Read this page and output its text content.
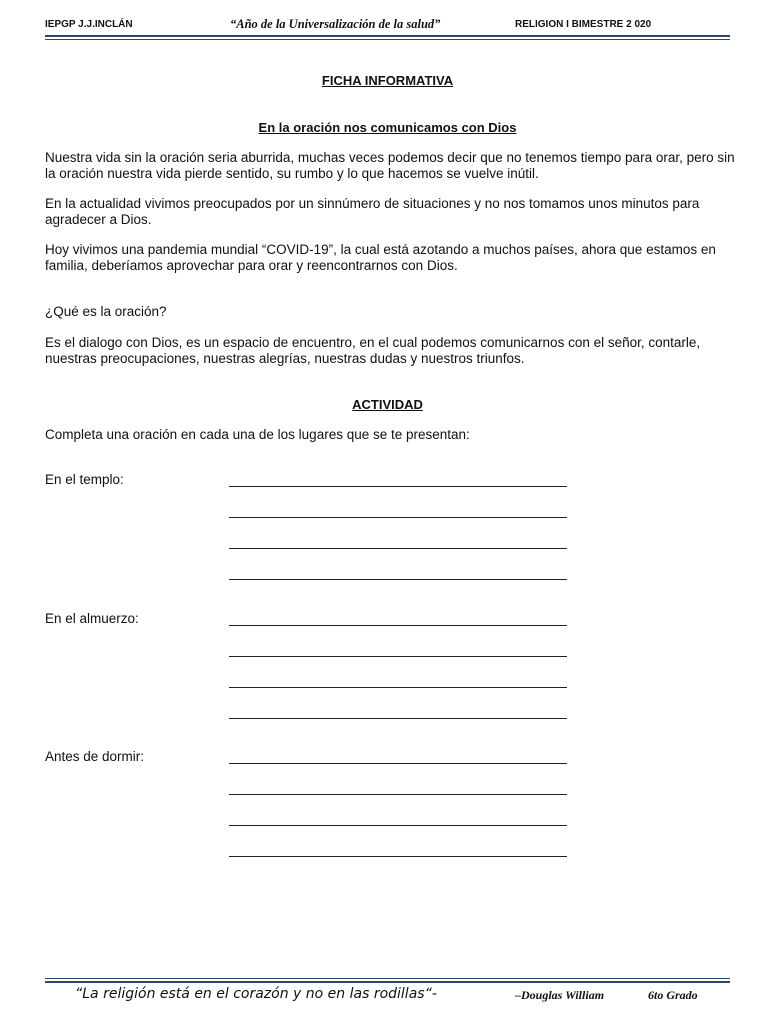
IEPGP J.J.INCLÁN	“Año de la Universalización de la salud”	RELIGION I BIMESTRE 2 020
FICHA INFORMATIVA
En la oración nos comunicamos con Dios

Nuestra vida sin la oración seria aburrida, muchas veces podemos decir que no tenemos tiempo para orar, pero sin la oración nuestra vida pierde sentido, su rumbo y lo que hacemos se vuelve inútil.

En la actualidad vivimos preocupados por un sinnúmero de situaciones y no nos tomamos unos minutos para agradecer a Dios.

Hoy vivimos una pandemia mundial “COVID-19”, la cual está azotando a muchos países, ahora que estamos en familia, deberíamos aprovechar para orar y reencontrarnos con Dios.

¿Qué es la oración?

Es el dialogo con Dios, es un espacio de encuentro, en el cual podemos comunicarnos con el señor, contarle, nuestras preocupaciones, nuestras alegrías, nuestras dudas y nuestros triunfos.

ACTIVIDAD

Completa una oración en cada una de los lugares que se te presentan:

En el templo:
En el almuerzo:
Antes de dormir:
“La religión está en el corazón y no en las rodillas“-	–Douglas William	6to Grado
